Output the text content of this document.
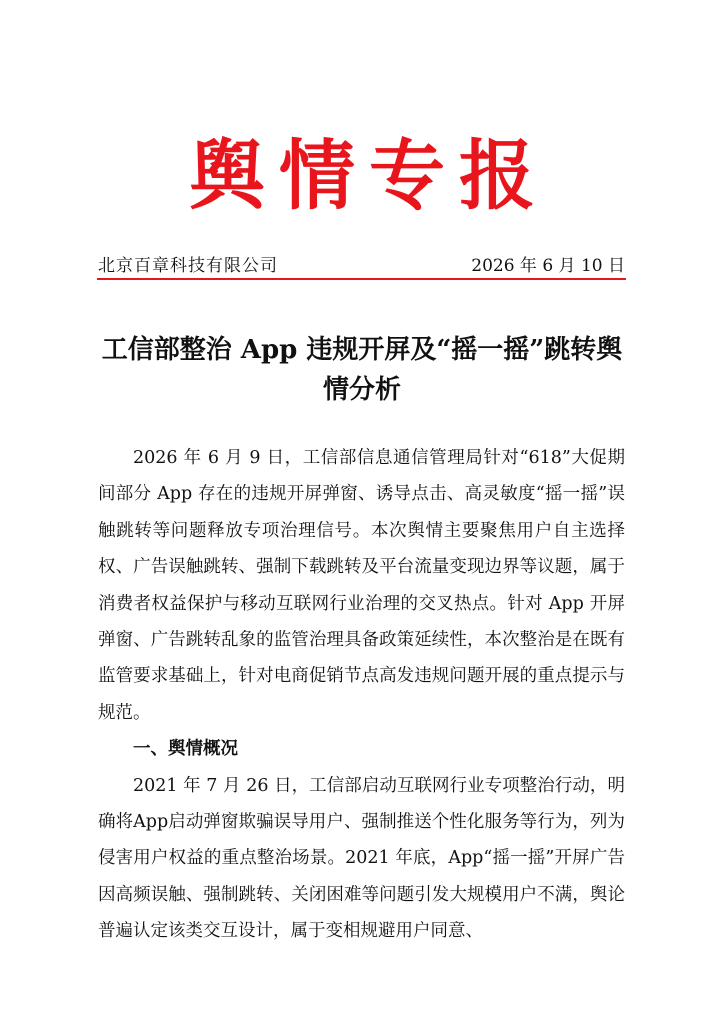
舆情专报
北京百章科技有限公司	2026 年 6 月 10 日
工信部整治 App 违规开屏及“摇一摇”跳转舆情分析

2026 年 6 月 9 日，工信部信息通信管理局针对“618”大促期间部分 App 存在的违规开屏弹窗、诱导点击、高灵敏度“摇一摇”误触跳转等问题释放专项治理信号。本次舆情主要聚焦用户自主选择权、广告误触跳转、强制下载跳转及平台流量变现边界等议题，属于消费者权益保护与移动互联网行业治理的交叉热点。针对 App 开屏弹窗、广告跳转乱象的监管治理具备政策延续性，本次整治是在既有监管要求基础上，针对电商促销节点高发违规问题开展的重点提示与规范。

一、舆情概况

2021 年 7 月 26 日，工信部启动互联网行业专项整治行动，明确将App启动弹窗欺骗误导用户、强制推送个性化服务等行为，列为侵害用户权益的重点整治场景。2021 年底，App“摇一摇”开屏广告因高频误触、强制跳转、关闭困难等问题引发大规模用户不满，舆论普遍认定该类交互设计，属于变相规避用户同意、
